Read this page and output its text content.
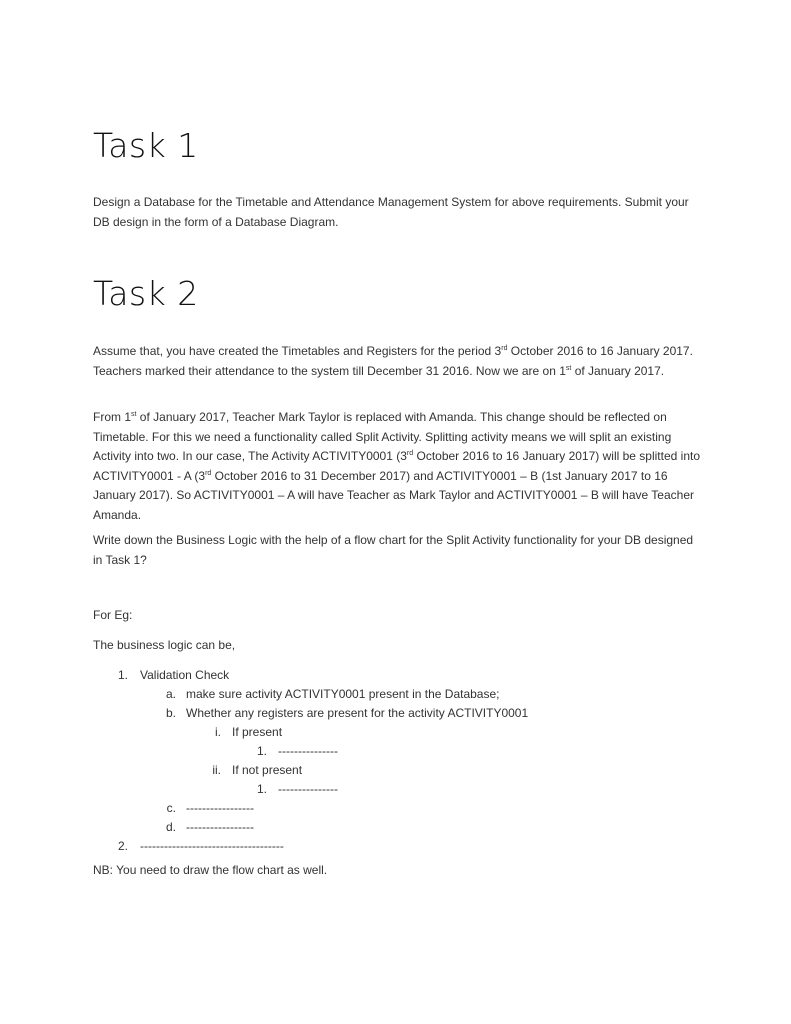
Task 1

Design a Database for the Timetable and Attendance Management System for above requirements. Submit your DB design in the form of a Database Diagram.

Task 2

Assume that, you have created the Timetables and Registers for the period 3rd October 2016 to 16 January 2017. Teachers marked their attendance to the system till December 31 2016. Now we are on 1st of January 2017.

From 1st of January 2017, Teacher Mark Taylor is replaced with Amanda. This change should be reflected on Timetable. For this we need a functionality called Split Activity. Splitting activity means we will split an existing Activity into two. In our case, The Activity ACTIVITY0001 (3rd October 2016 to 16 January 2017) will be splitted into ACTIVITY0001 - A (3rd October 2016 to 31 December 2017) and ACTIVITY0001 – B (1st January 2017 to 16 January 2017). So ACTIVITY0001 – A will have Teacher as Mark Taylor and ACTIVITY0001 – B will have Teacher Amanda.

Write down the Business Logic with the help of a flow chart for the Split Activity functionality for your DB designed in Task 1?

For Eg:

The business logic can be,

1. Validation Check
a. make sure activity ACTIVITY0001 present in the Database;
b. Whether any registers are present for the activity ACTIVITY0001
i. If present
1. ---------------
ii. If not present
1. ---------------
c. -----------------
d. -----------------
2. ------------------------------------

NB: You need to draw the flow chart as well.
